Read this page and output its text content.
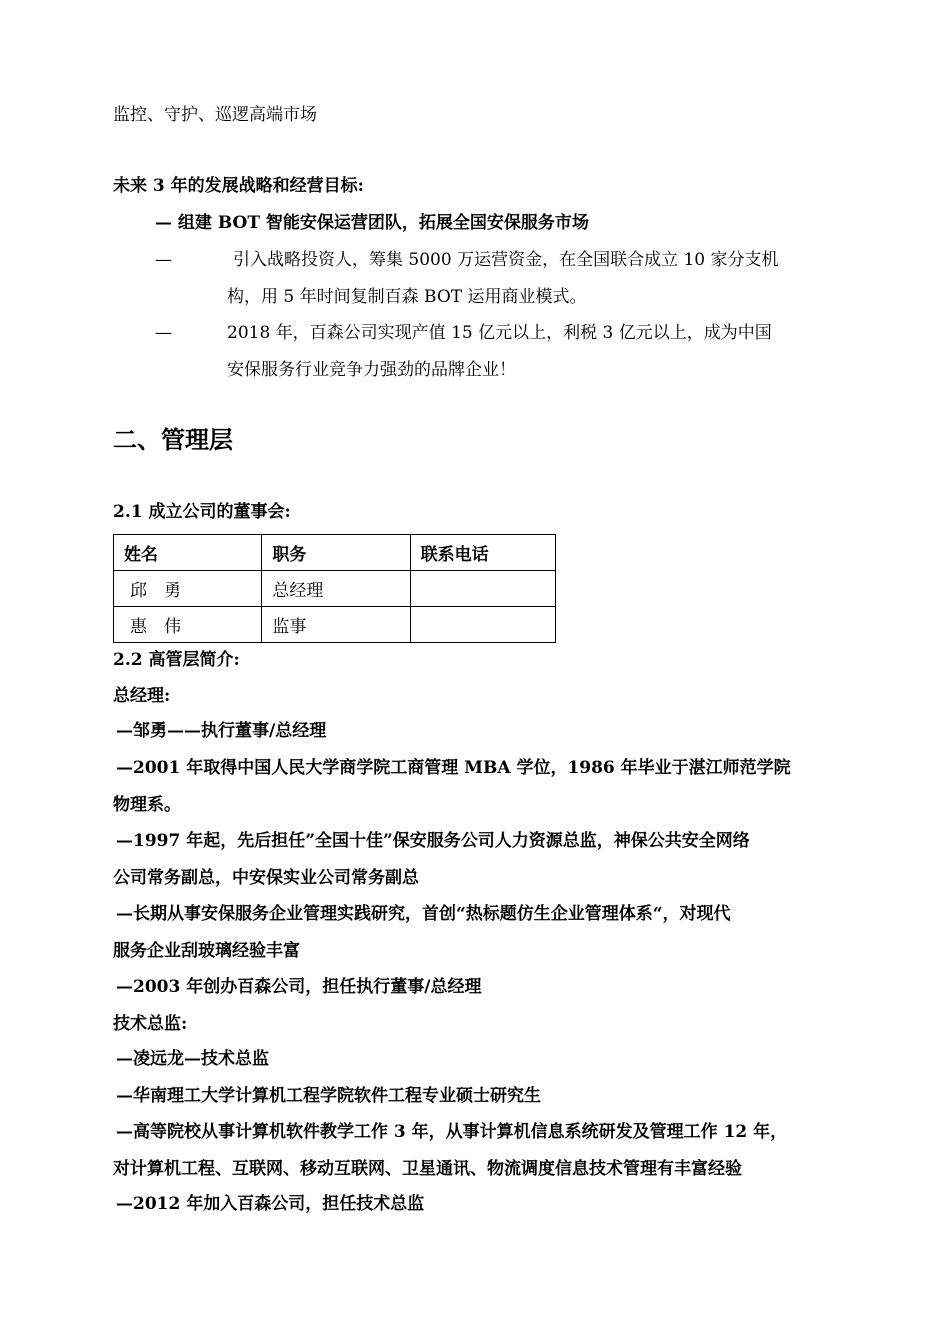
监控、守护、巡逻高端市场
未来 3 年的发展战略和经营目标:
— 组建 BOT 智能安保运营团队，拓展全国安保服务市场
—	引入战略投资人，筹集 5000 万运营资金，在全国联合成立 10 家分支机
构，用 5 年时间复制百森 BOT 运用商业模式。
—	2018 年，百森公司实现产值 15 亿元以上，利税 3 亿元以上，成为中国
安保服务行业竞争力强劲的品牌企业！
二、管理层
2.1 成立公司的董事会:
姓名	职务	联系电话
邱　勇	总经理	
惠　伟	监事	
2.2 高管层简介:
总经理:
—邹勇——执行董事/总经理
—2001 年取得中国人民大学商学院工商管理 MBA 学位，1986 年毕业于湛江师范学院
物理系。
—1997 年起，先后担任”全国十佳”保安服务公司人力资源总监，神保公共安全网络
公司常务副总，中安保实业公司常务副总
—长期从事安保服务企业管理实践研究，首创“热标题仿生企业管理体系“，对现代
服务企业刮玻璃经验丰富
—2003 年创办百森公司，担任执行董事/总经理
技术总监:
—凌远龙—技术总监
—华南理工大学计算机工程学院软件工程专业硕士研究生
—高等院校从事计算机软件教学工作 3 年，从事计算机信息系统研发及管理工作 12 年，
对计算机工程、互联网、移动互联网、卫星通讯、物流调度信息技术管理有丰富经验
—2012 年加入百森公司，担任技术总监
